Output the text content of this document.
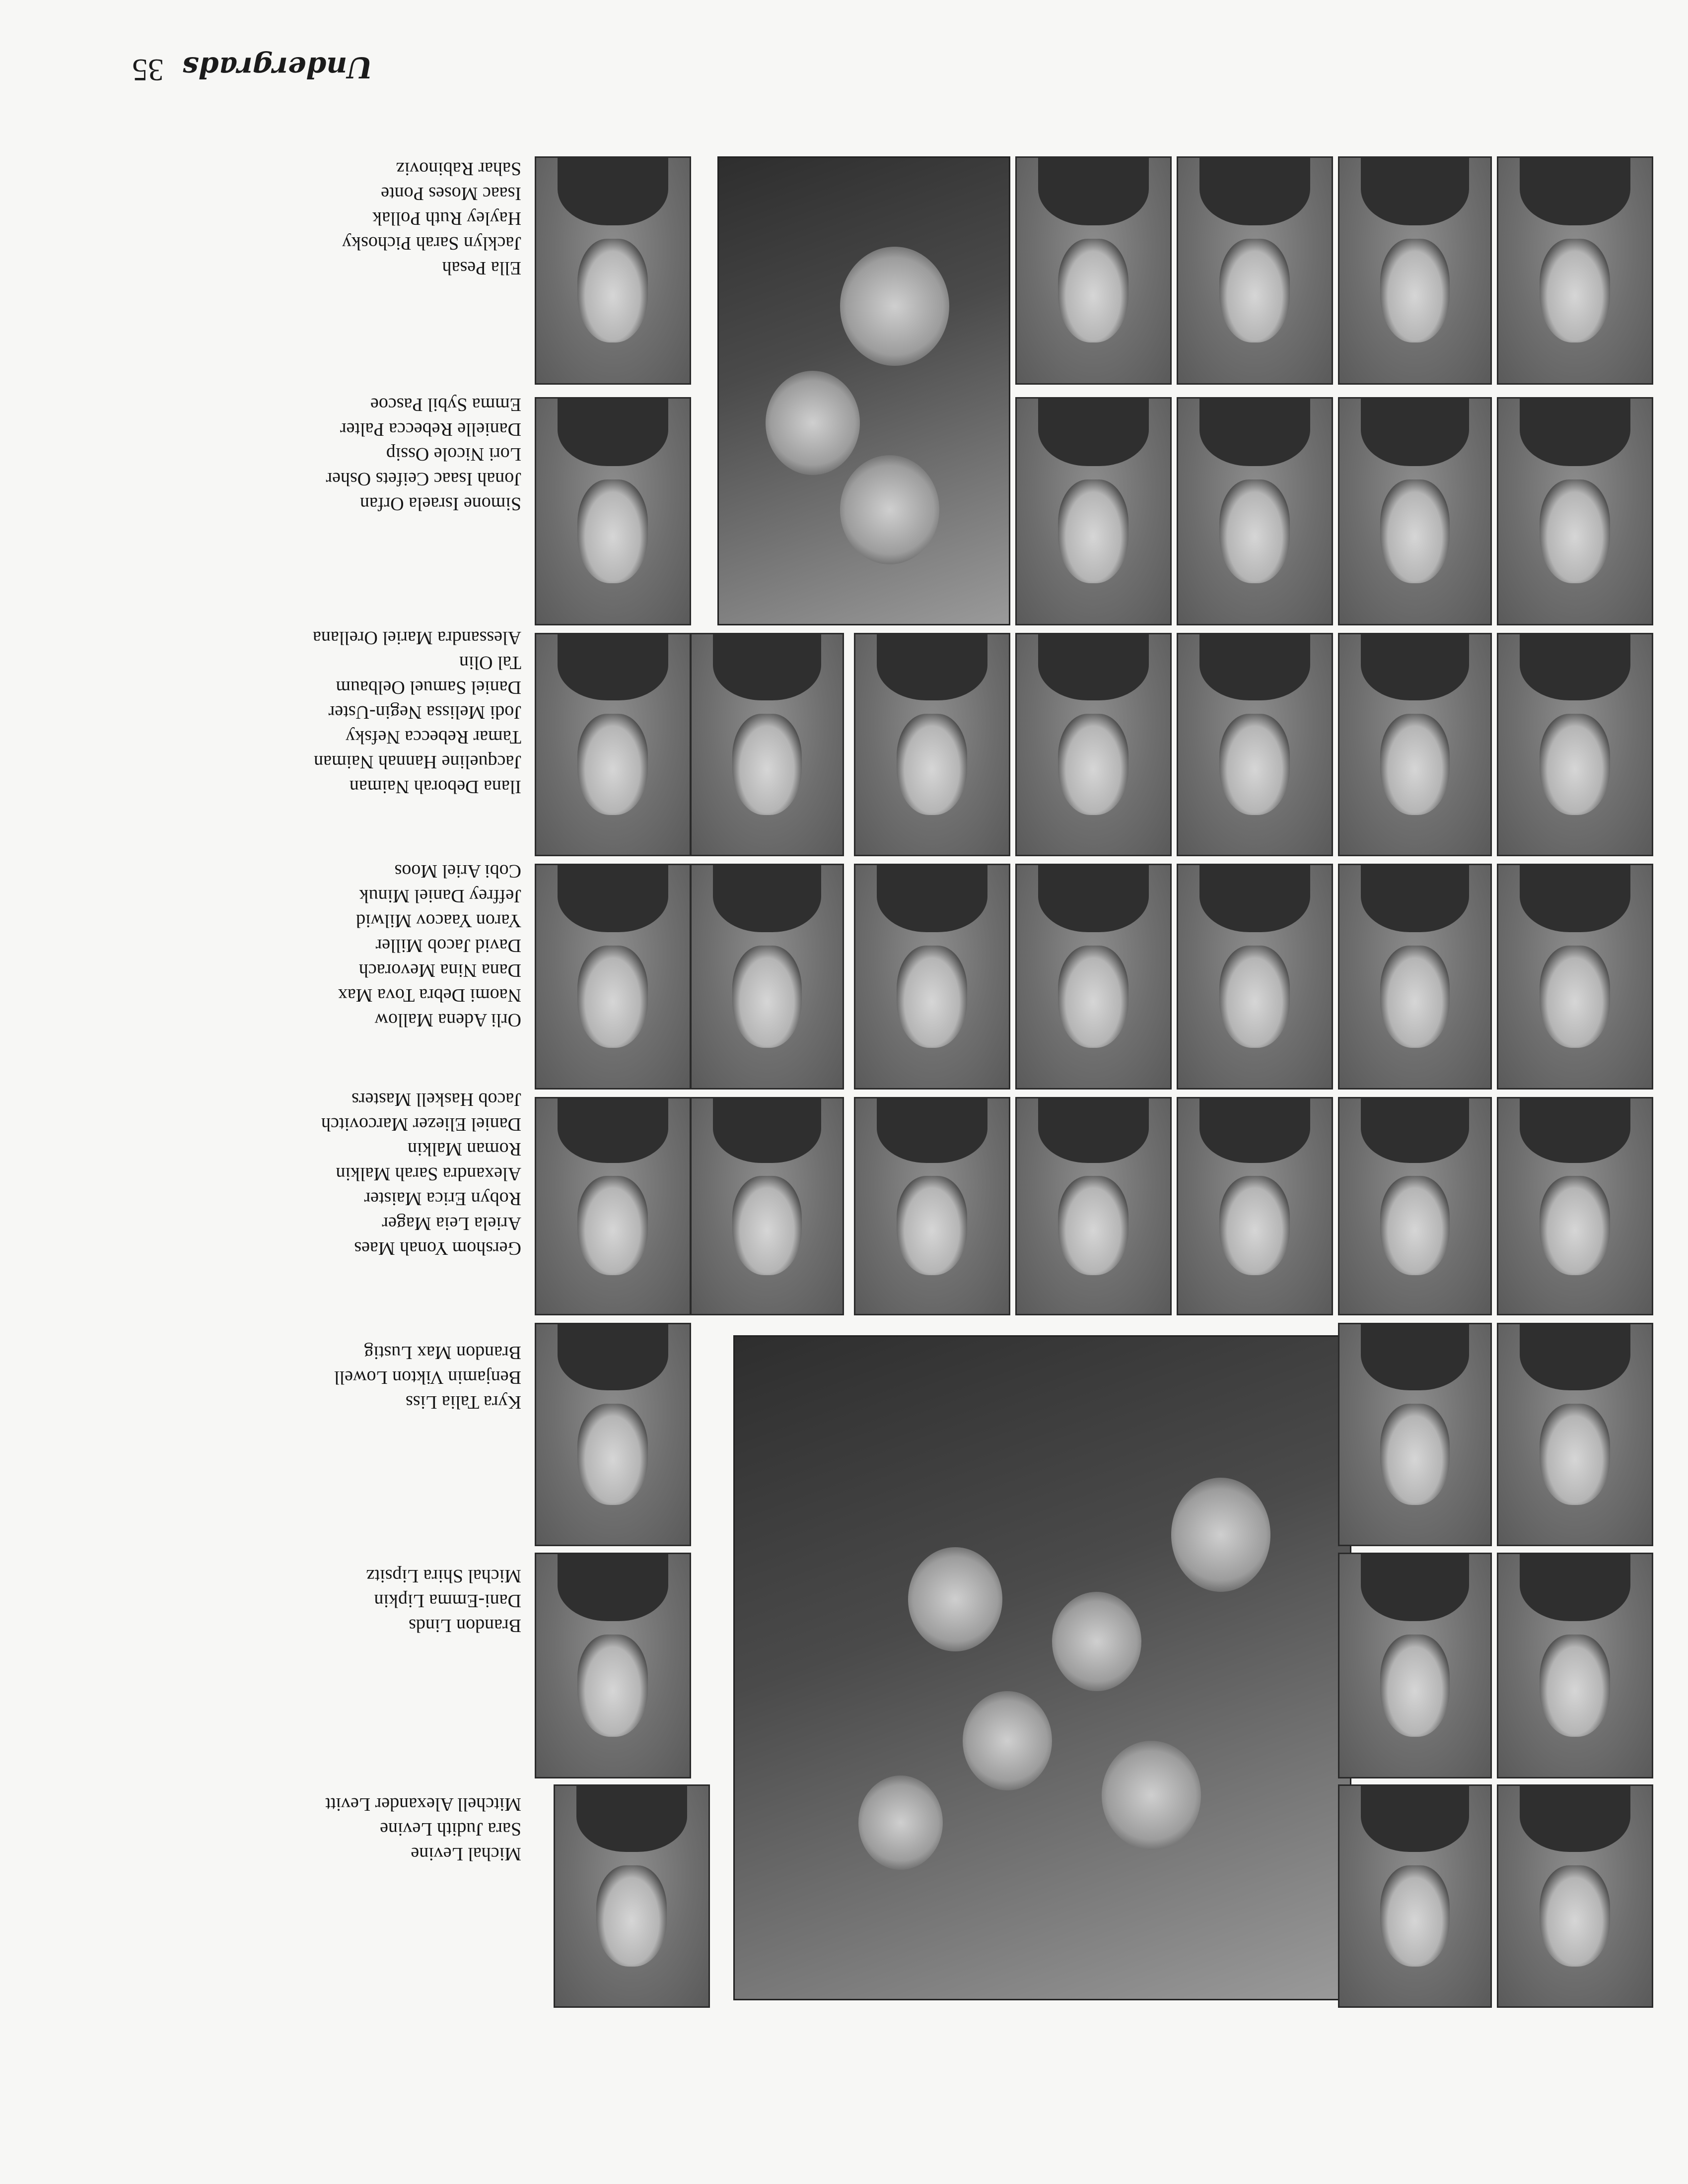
Ella Pesah
Jacklyn Sarah Pichosky
Hayley Ruth Pollak
Isaac Moses Ponte
Sahar Rabinoviz
Simone Israela Orfan
Jonah Isaac Ceifets Osher
Lori Nicole Ossip
Danielle Rebecca Palter
Emma Sybil Pascoe
Ilana Deborah Naiman
Jacqueline Hannah Naiman
Tamar Rebecca Nefsky
Jodi Melissa Negin-Uster
Daniel Samuel Oelbaum
Tal Olin
Alessandra Mariel Orellana
Orli Adena Mallow
Naomi Debra Tova Max
Dana Nina Mevorach
David Jacob Miller
Yaron Yaacov Milwid
Jeffrey Daniel Minuk
Cobi Ariel Moos
Gershom Yonah Maes
Ariela Leia Mager
Robyn Erica Maister
Alexandra Sarah Malkin
Roman Malkin
Daniel Eliezer Marcovitch
Jacob Haskell Masters
Kyra Talia Liss
Benjamin Vikton Lowell
Brandon Max Lustig
Brandon Linds
Dani-Emma Lipkin
Michal Shira Lipsitz
Michal Levine
Sara Judith Levine
Mitchell Alexander Levitt
Undergrads
35
